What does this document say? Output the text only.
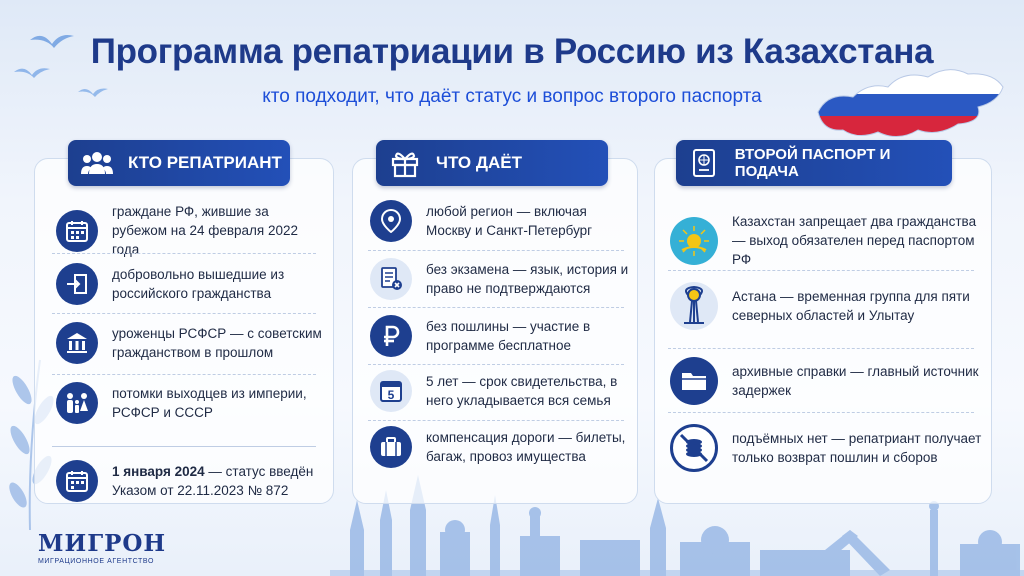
Программа репатриации в Россию из Казахстана
кто подходит, что даёт статус и вопрос второго паспорта
КТО РЕПАТРИАНТ
граждане РФ, жившие за рубежом на 24 февраля 2022 года
добровольно вышедшие из российского гражданства
уроженцы РСФСР — с советским гражданством в прошлом
потомки выходцев из империи, РСФСР и СССР
1 января 2024 — статус введён Указом от 22.11.2023 № 872
ЧТО ДАЁТ
любой регион — включая Москву и Санкт-Петербург
без экзамена — язык, история и право не подтверждаются
без пошлины — участие в программе бесплатное
5
5 лет — срок свидетельства, в него укладывается вся семья
компенсация дороги — билеты, багаж, провоз имущества
ВТОРОЙ ПАСПОРТ И ПОДАЧА
Казахстан запрещает два гражданства — выход обязателен перед паспортом РФ
Астана — временная группа для пяти северных областей и Улытау
архивные справки — главный источник задержек
подъёмных нет — репатриант получает только возврат пошлин и сборов
МИГРОН
МИГРАЦИОННОЕ АГЕНТСТВО
